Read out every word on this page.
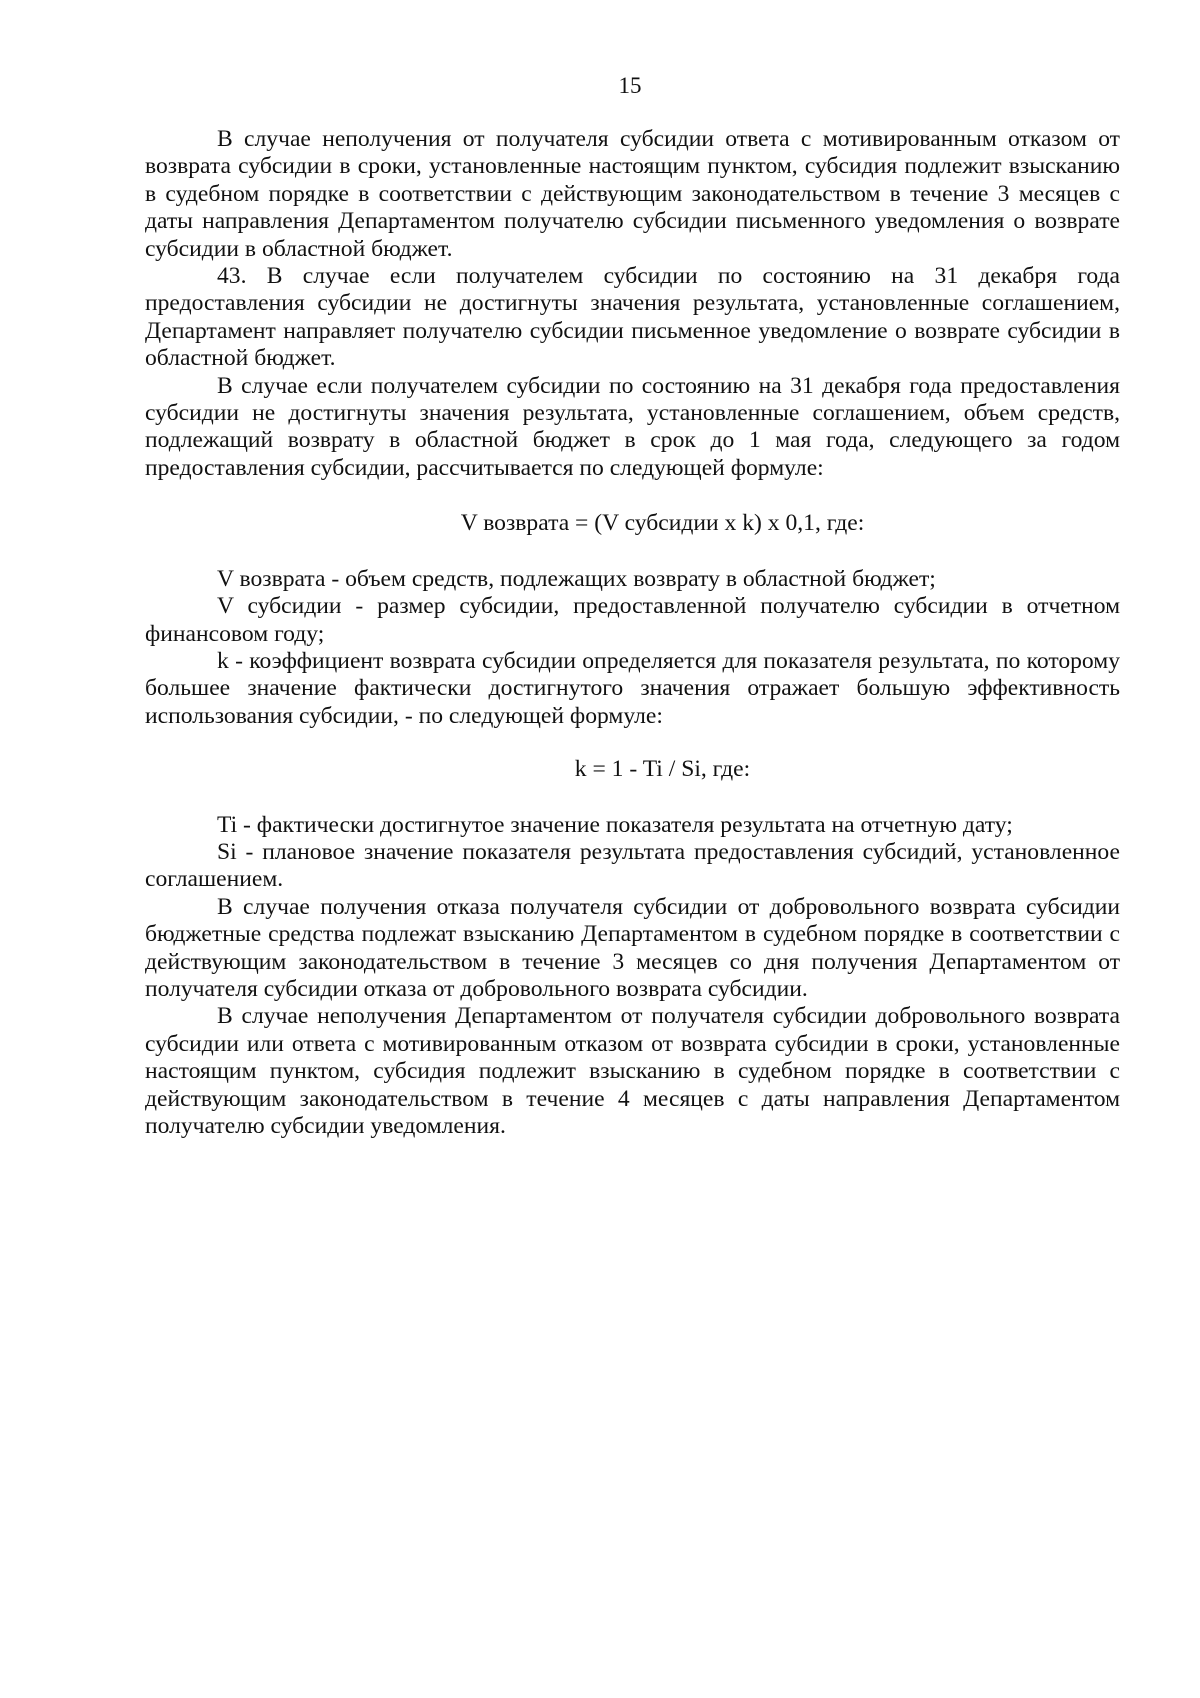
15

В случае неполучения от получателя субсидии ответа с мотивированным отказом от возврата субсидии в сроки, установленные настоящим пунктом, субсидия подлежит взысканию в судебном порядке в соответствии с действующим законодательством в течение 3 месяцев с даты направления Департаментом получателю субсидии письменного уведомления о возврате субсидии в областной бюджет.

43. В случае если получателем субсидии по состоянию на 31 декабря года предоставления субсидии не достигнуты значения результата, установленные соглашением, Департамент направляет получателю субсидии письменное уведомление о возврате субсидии в областной бюджет.

В случае если получателем субсидии по состоянию на 31 декабря года предоставления субсидии не достигнуты значения результата, установленные соглашением, объем средств, подлежащий возврату в областной бюджет в срок до 1 мая года, следующего за годом предоставления субсидии, рассчитывается по следующей формуле:

V возврата = (V субсидии x k) x 0,1, где:

V возврата - объем средств, подлежащих возврату в областной бюджет;

V субсидии - размер субсидии, предоставленной получателю субсидии в отчетном финансовом году;

k - коэффициент возврата субсидии определяется для показателя результата, по которому большее значение фактически достигнутого значения отражает большую эффективность использования субсидии, - по следующей формуле:

k = 1 - Ti / Si, где:

Ti - фактически достигнутое значение показателя результата на отчетную дату;

Si - плановое значение показателя результата предоставления субсидий, установленное соглашением.

В случае получения отказа получателя субсидии от добровольного возврата субсидии бюджетные средства подлежат взысканию Департаментом в судебном порядке в соответствии с действующим законодательством в течение 3 месяцев со дня получения Департаментом от получателя субсидии отказа от добровольного возврата субсидии.

В случае неполучения Департаментом от получателя субсидии добровольного возврата субсидии или ответа с мотивированным отказом от возврата субсидии в сроки, установленные настоящим пунктом, субсидия подлежит взысканию в судебном порядке в соответствии с действующим законодательством в течение 4 месяцев с даты направления Департаментом получателю субсидии уведомления.
